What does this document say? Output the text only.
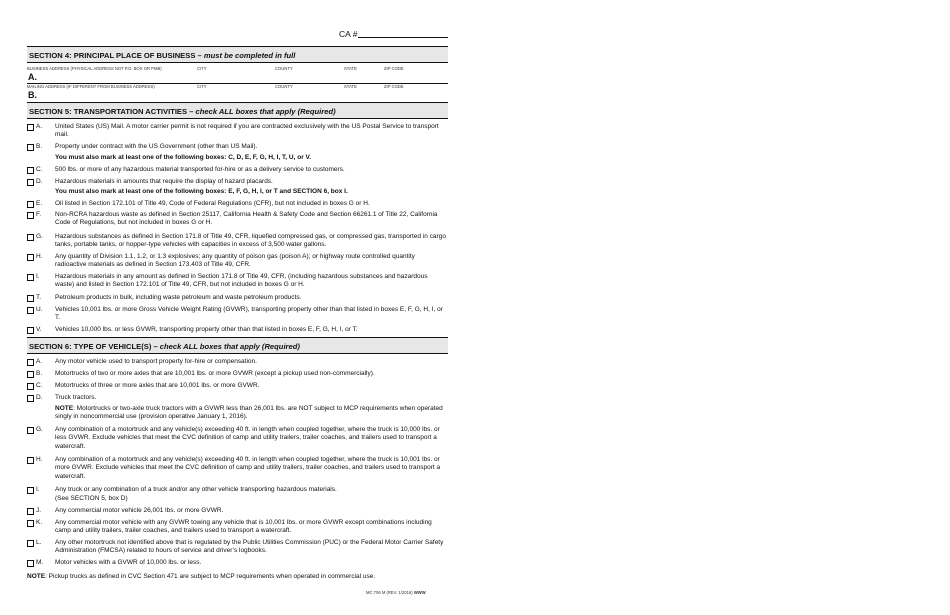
CA #
SECTION 4: PRINCIPAL PLACE OF BUSINESS – must be completed in full
BUSINESS ADDRESS (PHYSICAL ADDRESS NOT P.O. BOX OR PMB)	CITY	COUNTY	STATE	ZIP CODE
A.
MAILING ADDRESS (IF DIFFERENT FROM BUSINESS ADDRESS)	CITY	COUNTY	STATE	ZIP CODE
B.
SECTION 5: TRANSPORTATION ACTIVITIES – check ALL boxes that apply (Required)
A. United States (US) Mail. A motor carrier permit is not required if you are contracted exclusively with the US Postal Service to transport mail.
B. Property under contract with the US Government (other than US Mail).
You must also mark at least one of the following boxes: C, D, E, F, G, H, I, T, U, or V.
C. 500 lbs. or more of any hazardous material transported for-hire or as a delivery service to customers.
D. Hazardous materials in amounts that require the display of hazard placards.
You must also mark at least one of the following boxes: E, F, G, H, I, or T and SECTION 6, box I.
E. Oil listed in Section 172.101 of Title 49, Code of Federal Regulations (CFR), but not included in boxes G or H.
F. Non-RCRA hazardous waste as defined in Section 25117, California Health & Safety Code and Section 66261.1 of Title 22, California Code of Regulations, but not included in boxes G or H.
G. Hazardous substances as defined in Section 171.8 of Title 49, CFR, liquefied compressed gas, or compressed gas, transported in cargo tanks, portable tanks, or hopper-type vehicles with capacities in excess of 3,500 water gallons.
H. Any quantity of Division 1.1, 1.2, or 1.3 explosives; any quantity of poison gas (poison A); or highway route controlled quantity radioactive materials as defined in Section 173.403 of Title 49, CFR.
I. Hazardous materials in any amount as defined in Section 171.8 of Title 49, CFR, (including hazardous substances and hazardous waste) and listed in Section 172.101 of Title 49, CFR, but not included in boxes G or H.
T. Petroleum products in bulk, including waste petroleum and waste petroleum products.
U. Vehicles 10,001 lbs. or more Gross Vehicle Weight Rating (GVWR), transporting property other than that listed in boxes E, F, G, H, I, or T.
V. Vehicles 10,000 lbs. or less GVWR, transporting property other than that listed in boxes E, F, G, H, I, or T.
SECTION 6: TYPE OF VEHICLE(S) – check ALL boxes that apply (Required)
A. Any motor vehicle used to transport property for-hire or compensation.
B. Motortrucks of two or more axles that are 10,001 lbs. or more GVWR (except a pickup used non-commercially).
C. Motortrucks of three or more axles that are 10,001 lbs. or more GVWR.
D. Truck tractors.
NOTE: Motortrucks or two-axle truck tractors with a GVWR less than 26,001 lbs. are NOT subject to MCP requirements when operated singly in noncommercial use (provision operative January 1, 2016).
G. Any combination of a motortruck and any vehicle(s) exceeding 40 ft. in length when coupled together, where the truck is 10,000 lbs. or less GVWR. Exclude vehicles that meet the CVC definition of camp and utility trailers, trailer coaches, and trailers used to transport a watercraft.
H. Any combination of a motortruck and any vehicle(s) exceeding 40 ft. in length when coupled together, where the truck is 10,001 lbs. or more GVWR. Exclude vehicles that meet the CVC definition of camp and utility trailers, trailer coaches, and trailers used to transport a watercraft.
I. Any truck or any combination of a truck and/or any other vehicle transporting hazardous materials.
(See SECTION 5, box D)
J. Any commercial motor vehicle 26,001 lbs. or more GVWR.
K. Any commercial motor vehicle with any GVWR towing any vehicle that is 10,001 lbs. or more GVWR except combinations including camp and utility trailers, trailer coaches, and trailers used to transport a watercraft.
L. Any other motortruck not identified above that is regulated by the Public Utilities Commission (PUC) or the Federal Motor Carrier Safety Administration (FMCSA) related to hours of service and driver’s logbooks.
M. Motor vehicles with a GVWR of 10,000 lbs. or less.
NOTE: Pickup trucks as defined in CVC Section 471 are subject to MCP requirements when operated in commercial use.
MC 706 M (REV. 1/2016) WWW
